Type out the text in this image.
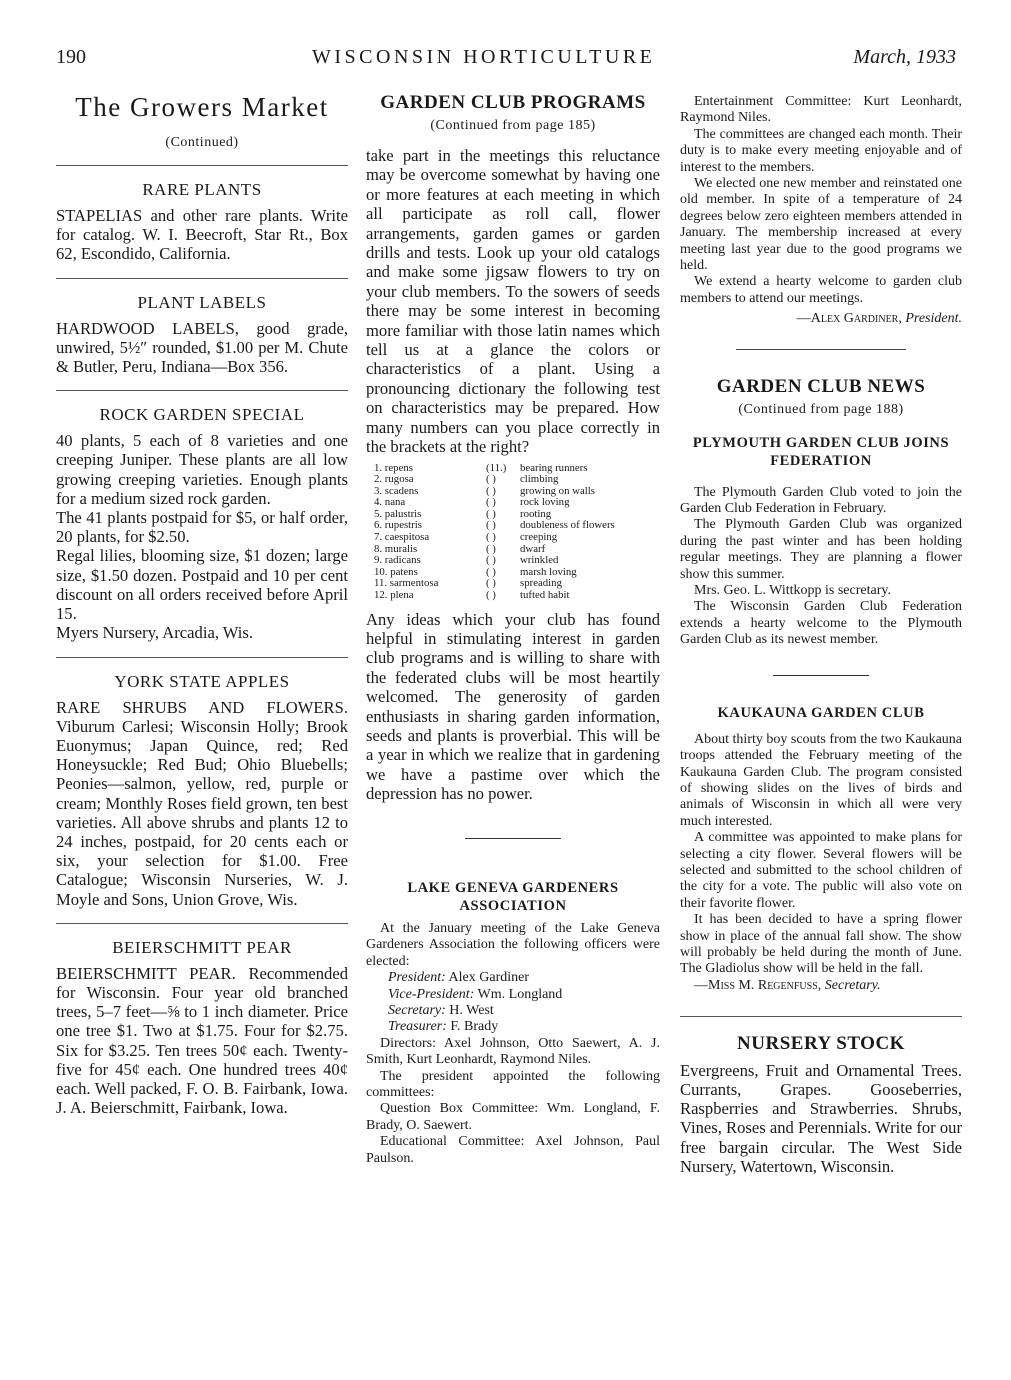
190	WISCONSIN HORTICULTURE	March, 1933
The Growers Market

(Continued)

RARE PLANTS

STAPELIAS and other rare plants. Write for catalog. W. I. Beecroft, Star Rt., Box 62, Escondido, California.

PLANT LABELS

HARDWOOD LABELS, good grade, unwired, 5½″ rounded, $1.00 per M. Chute & Butler, Peru, Indiana—Box 356.

ROCK GARDEN SPECIAL

40 plants, 5 each of 8 varieties and one creeping Juniper. These plants are all low growing creeping varieties. Enough plants for a medium sized rock garden.

The 41 plants postpaid for $5, or half order, 20 plants, for $2.50.

Regal lilies, blooming size, $1 dozen; large size, $1.50 dozen. Postpaid and 10 per cent discount on all orders received before April 15.

Myers Nursery, Arcadia, Wis.

YORK STATE APPLES

RARE SHRUBS AND FLOWERS. Viburum Carlesi; Wisconsin Holly; Brook Euonymus; Japan Quince, red; Red Honeysuckle; Red Bud; Ohio Bluebells; Peonies—salmon, yellow, red, purple or cream; Monthly Roses field grown, ten best varieties. All above shrubs and plants 12 to 24 inches, postpaid, for 20 cents each or six, your selection for $1.00. Free Catalogue; Wisconsin Nurseries, W. J. Moyle and Sons, Union Grove, Wis.

BEIERSCHMITT PEAR

BEIERSCHMITT PEAR. Recommended for Wisconsin. Four year old branched trees, 5–7 feet—⅝ to 1 inch diameter. Price one tree $1. Two at $1.75. Four for $2.75. Six for $3.25. Ten trees 50¢ each. Twenty-five for 45¢ each. One hundred trees 40¢ each. Well packed, F. O. B. Fairbank, Iowa. J. A. Beierschmitt, Fairbank, Iowa.

GARDEN CLUB PROGRAMS

(Continued from page 185)

take part in the meetings this reluctance may be overcome somewhat by having one or more features at each meeting in which all participate as roll call, flower arrangements, garden games or garden drills and tests. Look up your old catalogs and make some jigsaw flowers to try on your club members. To the sowers of seeds there may be some interest in becoming more familiar with those latin names which tell us at a glance the colors or characteristics of a plant. Using a pronouncing dictionary the following test on characteristics may be prepared. How many numbers can you place correctly in the brackets at the right?

1. repens	(11.)	bearing runners
2. rugosa	( )	climbing
3. scadens	( )	growing on walls
4. nana	( )	rock loving
5. palustris	( )	rooting
6. rupestris	( )	doubleness of flowers
7. caespitosa	( )	creeping
8. muralis	( )	dwarf
9. radicans	( )	wrinkled
10. patens	( )	marsh loving
11. sarmentosa	( )	spreading
12. plena	( )	tufted habit

Any ideas which your club has found helpful in stimulating interest in garden club programs and is willing to share with the federated clubs will be most heartily welcomed. The generosity of garden enthusiasts in sharing garden information, seeds and plants is proverbial. This will be a year in which we realize that in gardening we have a pastime over which the depression has no power.

LAKE GENEVA GARDENERS ASSOCIATION

At the January meeting of the Lake Geneva Gardeners Association the following officers were elected:

President: Alex Gardiner
Vice-President: Wm. Longland
Secretary: H. West
Treasurer: F. Brady

Directors: Axel Johnson, Otto Saewert, A. J. Smith, Kurt Leonhardt, Raymond Niles.

The president appointed the following committees:

Question Box Committee: Wm. Longland, F. Brady, O. Saewert.

Educational Committee: Axel Johnson, Paul Paulson.

Entertainment Committee: Kurt Leonhardt, Raymond Niles.

The committees are changed each month. Their duty is to make every meeting enjoyable and of interest to the members.

We elected one new member and reinstated one old member. In spite of a temperature of 24 degrees below zero eighteen members attended in January. The membership increased at every meeting last year due to the good programs we held.

We extend a hearty welcome to garden club members to attend our meetings.

—Alex Gardiner, President.

GARDEN CLUB NEWS

(Continued from page 188)

PLYMOUTH GARDEN CLUB JOINS FEDERATION

The Plymouth Garden Club voted to join the Garden Club Federation in February.

The Plymouth Garden Club was organized during the past winter and has been holding regular meetings. They are planning a flower show this summer.

Mrs. Geo. L. Wittkopp is secretary.

The Wisconsin Garden Club Federation extends a hearty welcome to the Plymouth Garden Club as its newest member.

KAUKAUNA GARDEN CLUB

About thirty boy scouts from the two Kaukauna troops attended the February meeting of the Kaukauna Garden Club. The program consisted of showing slides on the lives of birds and animals of Wisconsin in which all were very much interested.

A committee was appointed to make plans for selecting a city flower. Several flowers will be selected and submitted to the school children of the city for a vote. The public will also vote on their favorite flower.

It has been decided to have a spring flower show in place of the annual fall show. The show will probably be held during the month of June. The Gladiolus show will be held in the fall.

—Miss M. Regenfuss, Secretary.

NURSERY STOCK

Evergreens, Fruit and Ornamental Trees. Currants, Grapes. Gooseberries, Raspberries and Strawberries. Shrubs, Vines, Roses and Perennials. Write for our free bargain circular. The West Side Nursery, Watertown, Wisconsin.
